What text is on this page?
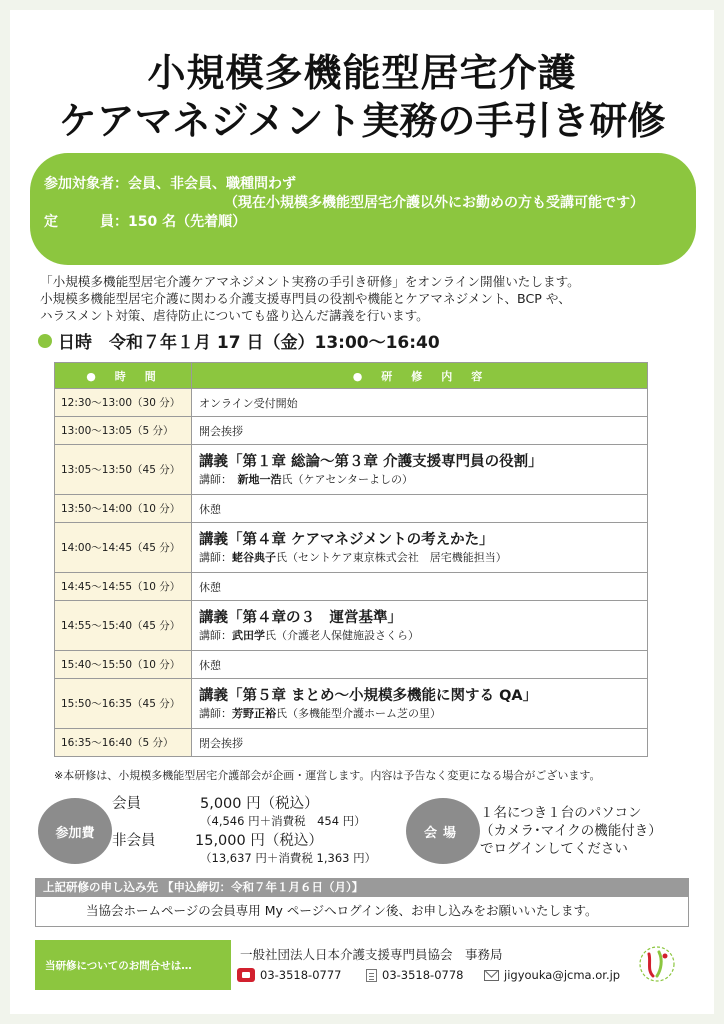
小規模多機能型居宅介護
ケアマネジメント実務の手引き研修
参加対象者：会員、非会員、職種問わず
（現在小規模多機能型居宅介護以外にお勤めの方も受講可能です）
定　　　員：150 名（先着順）
「小規模多機能型居宅介護ケアマネジメント実務の手引き研修」をオンライン開催いたします。
小規模多機能型居宅介護に関わる介護支援専門員の役割や機能とケアマネジメント、BCP や、
ハラスメント対策、虐待防止についても盛り込んだ講義を行います。
日時　令和７年１月 17 日（金）13:00～16:40
●　時　間	●　研　修　内　容
12:30～13:00（30 分）	オンライン受付開始
13:00～13:05（5 分）	開会挨拶
13:05～13:50（45 分）	講義「第１章 総論～第３章 介護支援専門員の役割」
講師：　 新地一浩氏（ケアセンターよしの）

13:50～14:00（10 分）	休憩
14:00～14:45（45 分）	講義「第４章 ケアマネジメントの考えかた」
講師：蛯谷典子氏（セントケア東京株式会社　居宅機能担当）

14:45～14:55（10 分）	休憩
14:55～15:40（45 分）	講義「第４章の３　運営基準」
講師：武田学氏（介護老人保健施設さくら）

15:40～15:50（10 分）	休憩
15:50～16:35（45 分）	講義「第５章 まとめ～小規模多機能に関する QA」
講師：芳野正裕氏（多機能型介護ホーム芝の里）

16:35～16:40（5 分）	閉会挨拶
※本研修は、小規模多機能型居宅介護部会が企画・運営します。内容は予告なく変更になる場合がございます。
参加費
会員	5,000 円（税込）
（4,546 円＋消費税　454 円）
非会員	15,000 円（税込）
（13,637 円＋消費税 1,363 円）
会場
１名につき１台のパソコン
（カメラ･マイクの機能付き）
でログインしてください
上記研修の申し込み先 【申込締切：令和７年１月６日（月）】
当協会ホームページの会員専用 My ページへログイン後、お申し込みをお願いいたします。
当研修についてのお問合せは…
一般社団法人日本介護支援専門員協会　事務局
03-3518-0777	03-3518-0778	jigyouka@jcma.or.jp
